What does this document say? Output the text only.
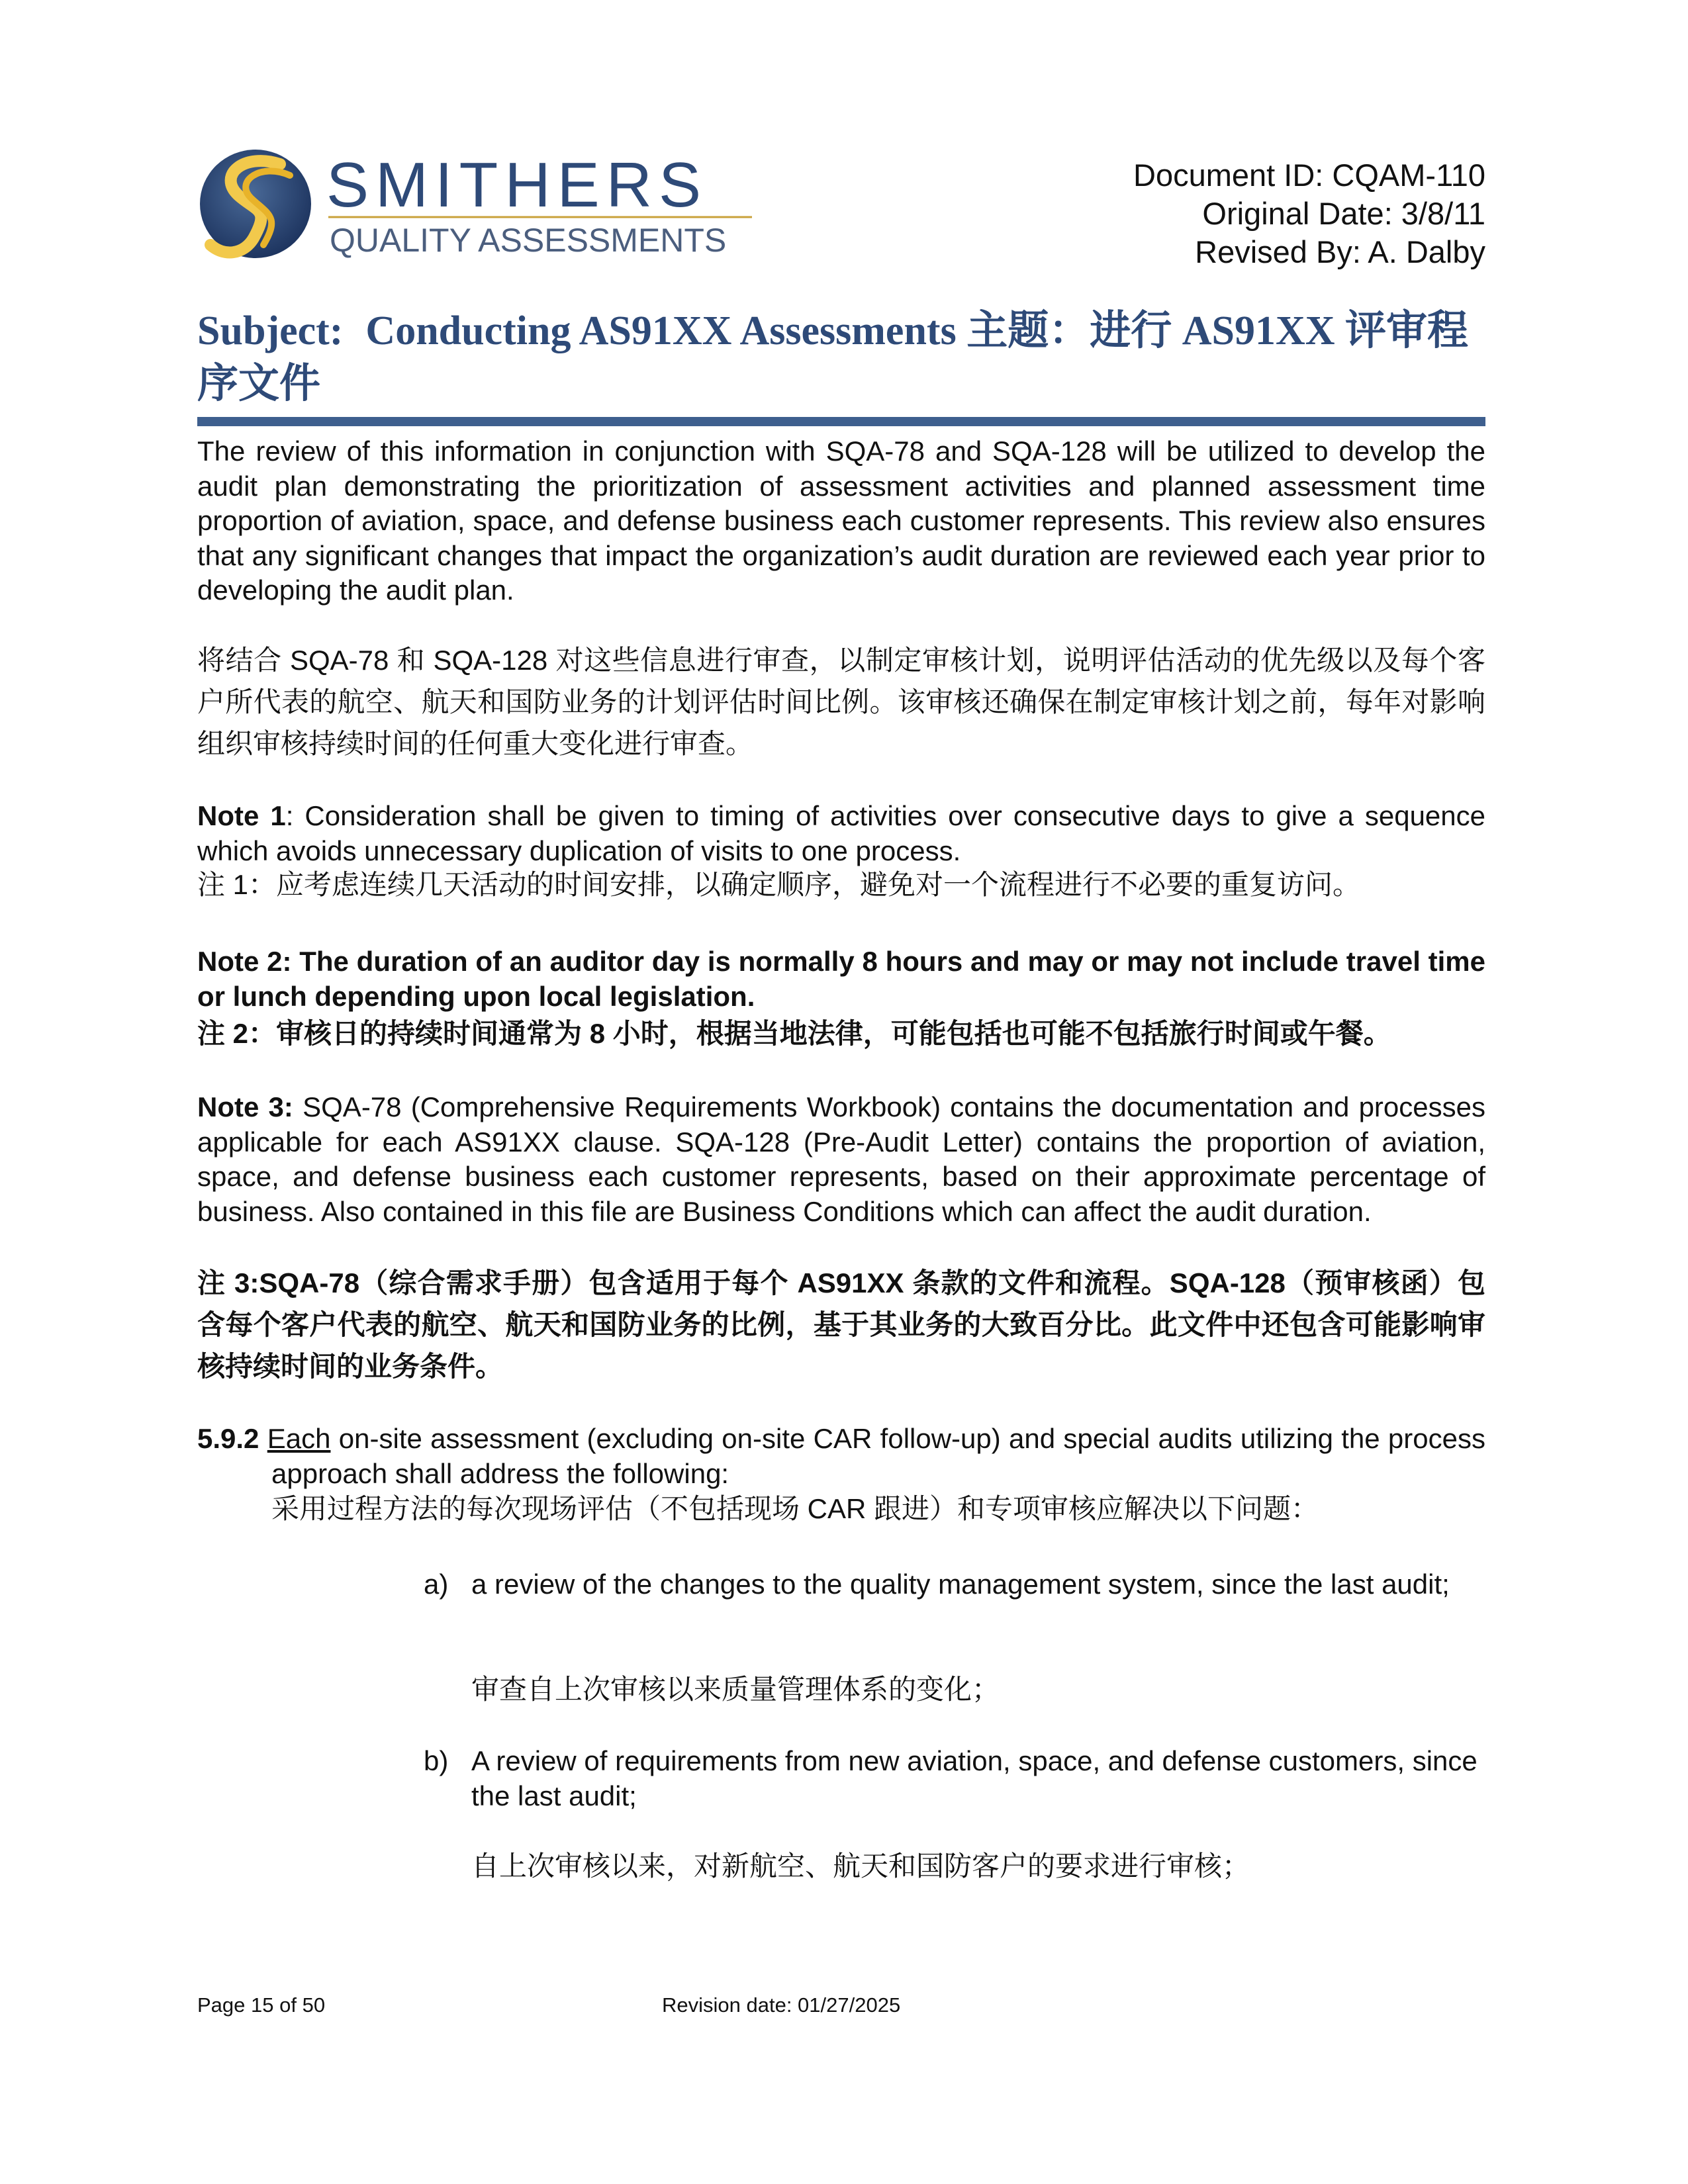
SMITHERS
QUALITY ASSESSMENTS
Document ID: CQAM-110
Original Date: 3/8/11
Revised By: A. Dalby
Subject: Conducting AS91XX Assessments 主题：进行 AS91XX 评审程序文件
The review of this information in conjunction with SQA-78 and SQA-128 will be utilized to develop the audit plan demonstrating the prioritization of assessment activities and planned assessment time proportion of aviation, space, and defense business each customer represents. This review also ensures that any significant changes that impact the organization’s audit duration are reviewed each year prior to developing the audit plan.
将结合 SQA-78 和 SQA-128 对这些信息进行审查，以制定审核计划，说明评估活动的优先级以及每个客户所代表的航空、航天和国防业务的计划评估时间比例。该审核还确保在制定审核计划之前，每年对影响组织审核持续时间的任何重大变化进行审查。
Note 1: Consideration shall be given to timing of activities over consecutive days to give a sequence which avoids unnecessary duplication of visits to one process.
注 1：应考虑连续几天活动的时间安排，以确定顺序，避免对一个流程进行不必要的重复访问。
Note 2: The duration of an auditor day is normally 8 hours and may or may not include travel time or lunch depending upon local legislation.
注 2：审核日的持续时间通常为 8 小时，根据当地法律，可能包括也可能不包括旅行时间或午餐。
Note 3: SQA-78 (Comprehensive Requirements Workbook) contains the documentation and processes applicable for each AS91XX clause. SQA-128 (Pre-Audit Letter) contains the proportion of aviation, space, and defense business each customer represents, based on their approximate percentage of business. Also contained in this file are Business Conditions which can affect the audit duration.
注 3:SQA-78（综合需求手册）包含适用于每个 AS91XX 条款的文件和流程。SQA-128（预审核函）包含每个客户代表的航空、航天和国防业务的比例，基于其业务的大致百分比。此文件中还包含可能影响审核持续时间的业务条件。
5.9.2 Each on-site assessment (excluding on-site CAR follow-up) and special audits utilizing the process approach shall address the following:
采用过程方法的每次现场评估（不包括现场 CAR 跟进）和专项审核应解决以下问题：
a) a review of the changes to the quality management system, since the last audit;
审查自上次审核以来质量管理体系的变化；
b) A review of requirements from new aviation, space, and defense customers, since the last audit;
自上次审核以来，对新航空、航天和国防客户的要求进行审核；
Page 15 of 50	Revision date: 01/27/2025
